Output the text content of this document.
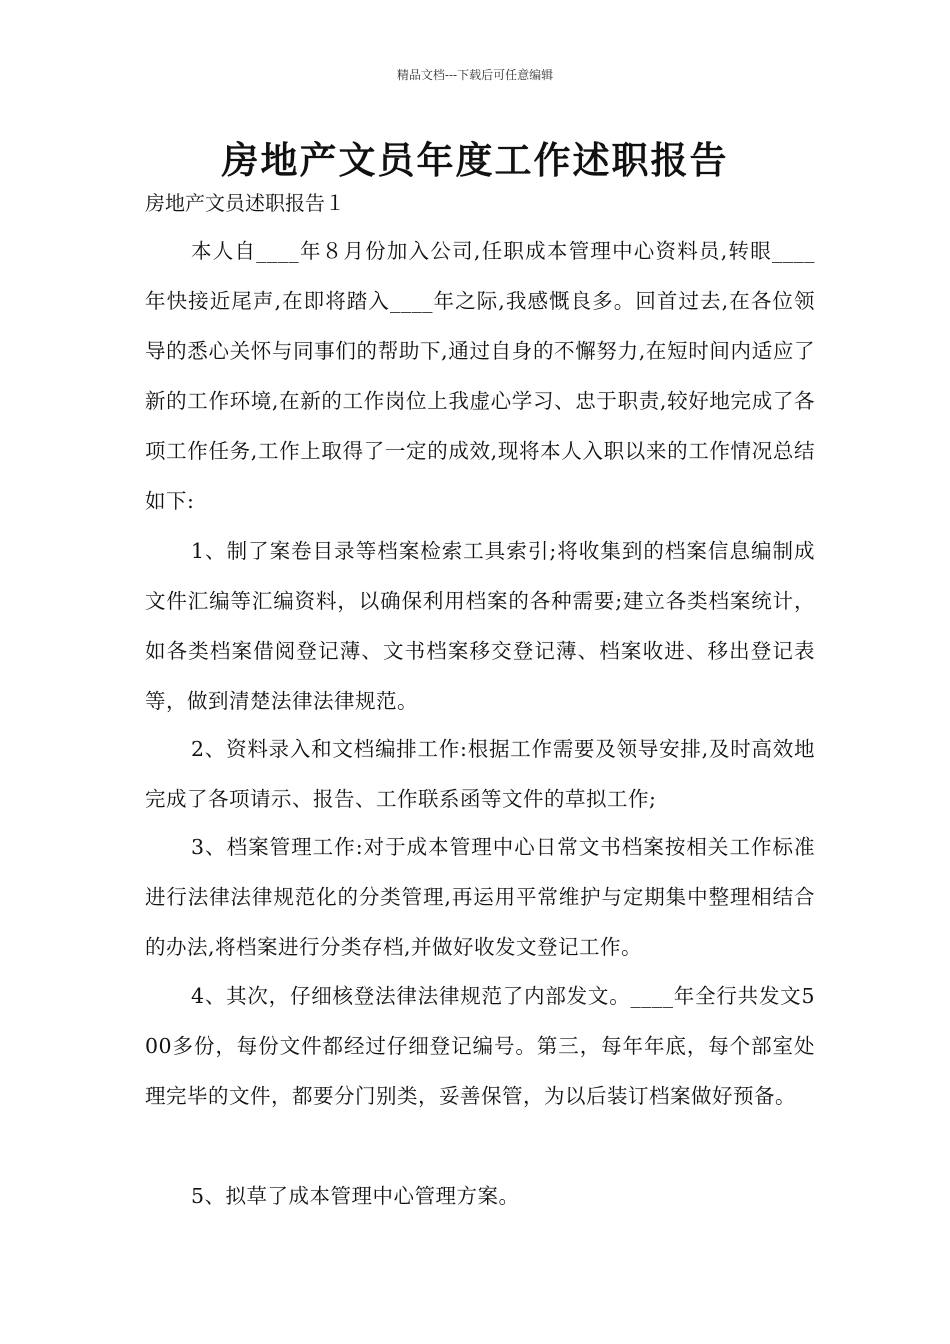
精品文档---下载后可任意编辑
房地产文员年度工作述职报告
房地产文员述职报告１
本人自____年８月份加入公司,任职成本管理中心资料员,转眼____年快接近尾声,在即将踏入____年之际,我感慨良多。回首过去,在各位领导的悉心关怀与同事们的帮助下,通过自身的不懈努力,在短时间内适应了新的工作环境,在新的工作岗位上我虚心学习、忠于职责,较好地完成了各项工作任务,工作上取得了一定的成效,现将本人入职以来的工作情况总结如下:
1、制了案卷目录等档案检索工具索引;将收集到的档案信息编制成文件汇编等汇编资料，以确保利用档案的各种需要;建立各类档案统计，如各类档案借阅登记薄、文书档案移交登记薄、档案收进、移出登记表等，做到清楚法律法律规范。
2、资料录入和文档编排工作:根据工作需要及领导安排,及时高效地完成了各项请示、报告、工作联系函等文件的草拟工作;
3、档案管理工作:对于成本管理中心日常文书档案按相关工作标准进行法律法律规范化的分类管理,再运用平常维护与定期集中整理相结合的办法,将档案进行分类存档,并做好收发文登记工作。
4、其次，仔细核登法律法律规范了内部发文。____年全行共发文500多份，每份文件都经过仔细登记编号。第三，每年年底，每个部室处理完毕的文件，都要分门别类，妥善保管，为以后装订档案做好预备。
5、拟草了成本管理中心管理方案。
